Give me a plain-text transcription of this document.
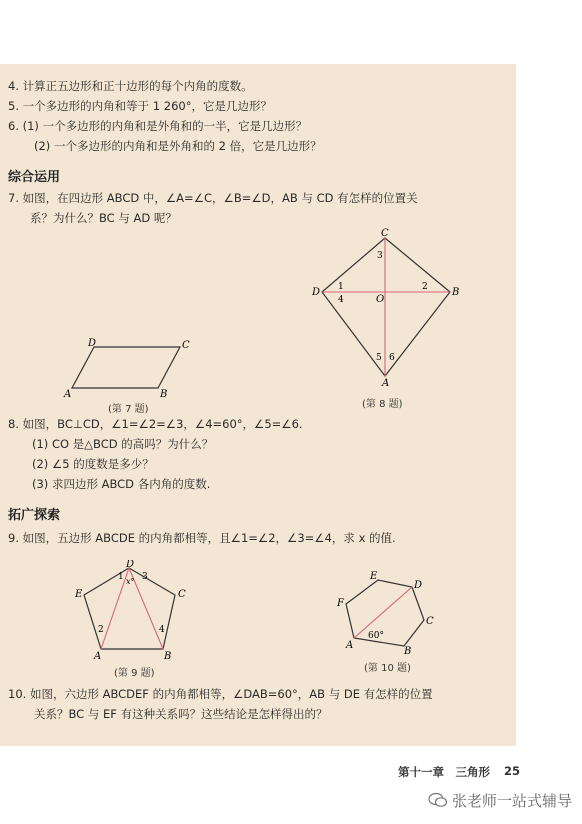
4. 计算正五边形和正十边形的每个内角的度数。
5. 一个多边形的内角和等于 1 260°，它是几边形？
6. (1) 一个多边形的内角和是外角和的一半，它是几边形？
(2) 一个多边形的内角和是外角和的 2 倍，它是几边形？
综合运用
7. 如图，在四边形 ABCD 中，∠A=∠C，∠B=∠D，AB 与 CD 有怎样的位置关
系？为什么？BC 与 AD 呢？
A	B
C
D
(第 7 题)
C
B
A
D
O
1	2
3
4
5 6
(第 8 题)
8. 如图，BC⊥CD，∠1=∠2=∠3，∠4=60°，∠5=∠6.
(1) CO 是△BCD 的高吗？为什么？
(2) ∠5 的度数是多少？
(3) 求四边形 ABCD 各内角的度数.
拓广探索
9. 如图，五边形 ABCDE 的内角都相等，且∠1=∠2，∠3=∠4，求 x 的值.
D
C
B
A
E
1 x° 3
2	4
(第 9 题)
E
D
C
B
A
F
60°
(第 10 题)
10. 如图，六边形 ABCDEF 的内角都相等，∠DAB=60°，AB 与 DE 有怎样的位置
关系？BC 与 EF 有这种关系吗？这些结论是怎样得出的？
第十一章　三角形 25
张老师一站式辅导
